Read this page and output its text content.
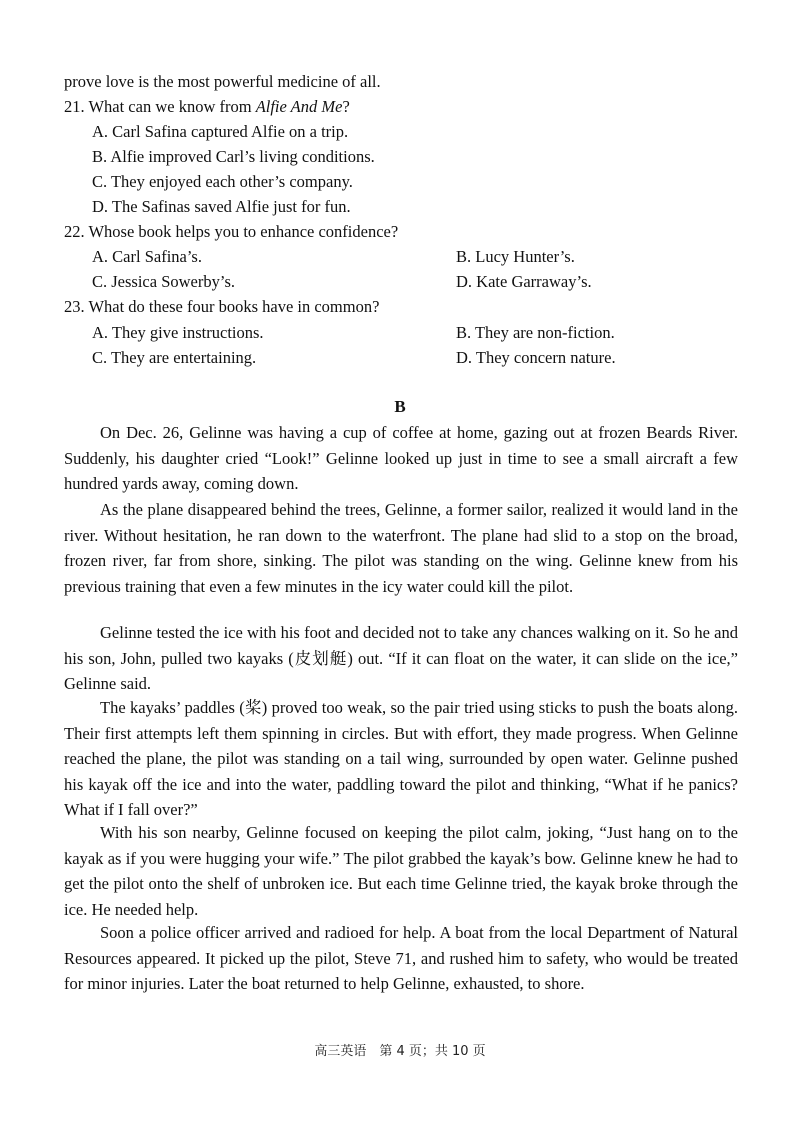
prove love is the most powerful medicine of all.
21. What can we know from Alfie And Me?
A. Carl Safina captured Alfie on a trip.
B. Alfie improved Carl’s living conditions.
C. They enjoyed each other’s company.
D. The Safinas saved Alfie just for fun.
22. Whose book helps you to enhance confidence?
A. Carl Safina’s.	B. Lucy Hunter’s.
C. Jessica Sowerby’s.	D. Kate Garraway’s.
23. What do these four books have in common?
A. They give instructions.	B. They are non-fiction.
C. They are entertaining.	D. They concern nature.
B
On Dec. 26, Gelinne was having a cup of coffee at home, gazing out at frozen Beards River. Suddenly, his daughter cried “Look!” Gelinne looked up just in time to see a small aircraft a few hundred yards away, coming down.
As the plane disappeared behind the trees, Gelinne, a former sailor, realized it would land in the river. Without hesitation, he ran down to the waterfront. The plane had slid to a stop on the broad, frozen river, far from shore, sinking. The pilot was standing on the wing. Gelinne knew from his previous training that even a few minutes in the icy water could kill the pilot.
Gelinne tested the ice with his foot and decided not to take any chances walking on it. So he and his son, John, pulled two kayaks (皮划艇) out. “If it can float on the water, it can slide on the ice,” Gelinne said.
The kayaks’ paddles (桨) proved too weak, so the pair tried using sticks to push the boats along. Their first attempts left them spinning in circles. But with effort, they made progress. When Gelinne reached the plane, the pilot was standing on a tail wing, surrounded by open water. Gelinne pushed his kayak off the ice and into the water, paddling toward the pilot and thinking, “What if he panics? What if I fall over?”
With his son nearby, Gelinne focused on keeping the pilot calm, joking, “Just hang on to the kayak as if you were hugging your wife.” The pilot grabbed the kayak’s bow. Gelinne knew he had to get the pilot onto the shelf of unbroken ice. But each time Gelinne tried, the kayak broke through the ice. He needed help.
Soon a police officer arrived and radioed for help. A boat from the local Department of Natural Resources appeared. It picked up the pilot, Steve 71, and rushed him to safety, who would be treated for minor injuries. Later the boat returned to help Gelinne, exhausted, to shore.
高三英语　第 4 页；共 10 页
